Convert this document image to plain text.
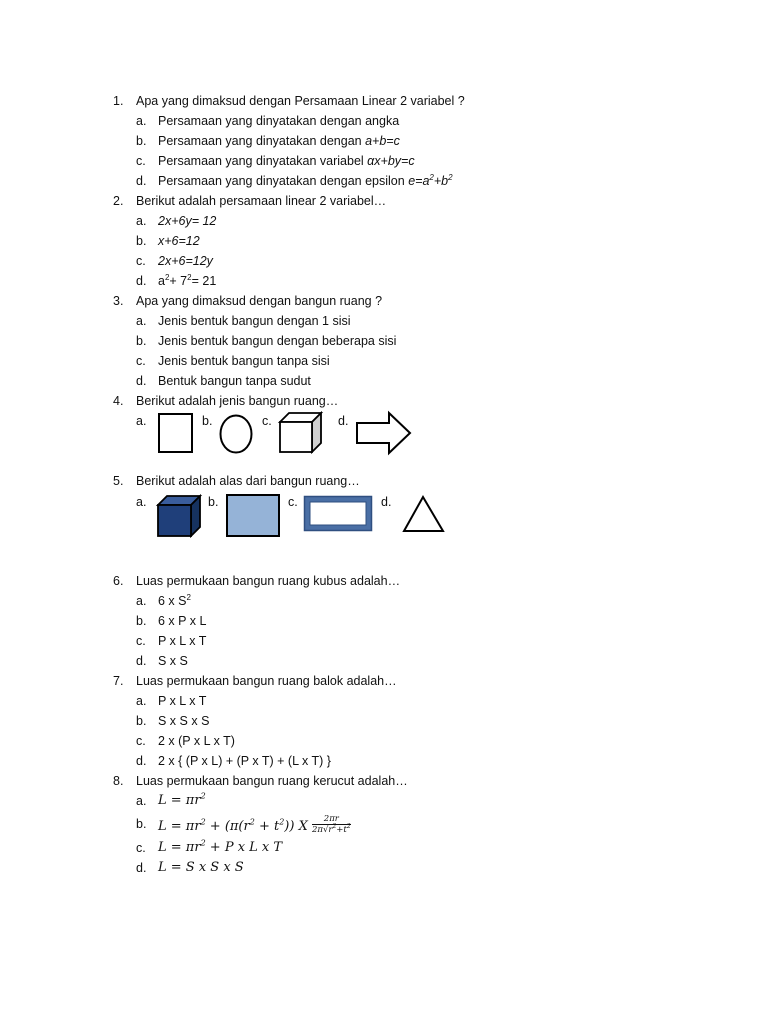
1. Apa yang dimaksud dengan Persamaan Linear 2 variabel ?
a. Persamaan yang dinyatakan dengan angka
b. Persamaan yang dinyatakan dengan a+b=c
c. Persamaan yang dinyatakan variabel αx+by=c
d. Persamaan yang dinyatakan dengan epsilon $e=a^2+b^2$
2. Berikut adalah persamaan linear 2 variabel…
a. 2x+6y= 12
b. x+6=12
c. 2x+6=12y
d. $a^2+ 7^2= 21$
3. Apa yang dimaksud dengan bangun ruang ?
a. Jenis bentuk bangun dengan 1 sisi
b. Jenis bentuk bangun dengan beberapa sisi
c. Jenis bentuk bangun tanpa sisi
d. Bentuk bangun tanpa sudut
4. Berikut adalah jenis bangun ruang…
a.	b.	c.	d.
5. Berikut adalah alas dari bangun ruang…
a.	b.	c.	d.
6. Luas permukaan bangun ruang kubus adalah…
a. 6 x $S^2$
b. 6 x P x L
c. P x L x T
d. S x S
7. Luas permukaan bangun ruang balok adalah…
a. P x L x T
b. S x S x S
c. 2 x (P x L x T)
d. 2 x { (P x L) + (P x T) + (L x T) }
8. Luas permukaan bangun ruang kerucut adalah…
a. $L = \pi r^2$
b. $L = \pi r^2 + (\pi(r^2 + t^2))$ X $\frac{2\pi r}{2\pi√r^2+t^2}$
c. $L = \pi r^2 + P$ x L x T
d. L = S x S x S
